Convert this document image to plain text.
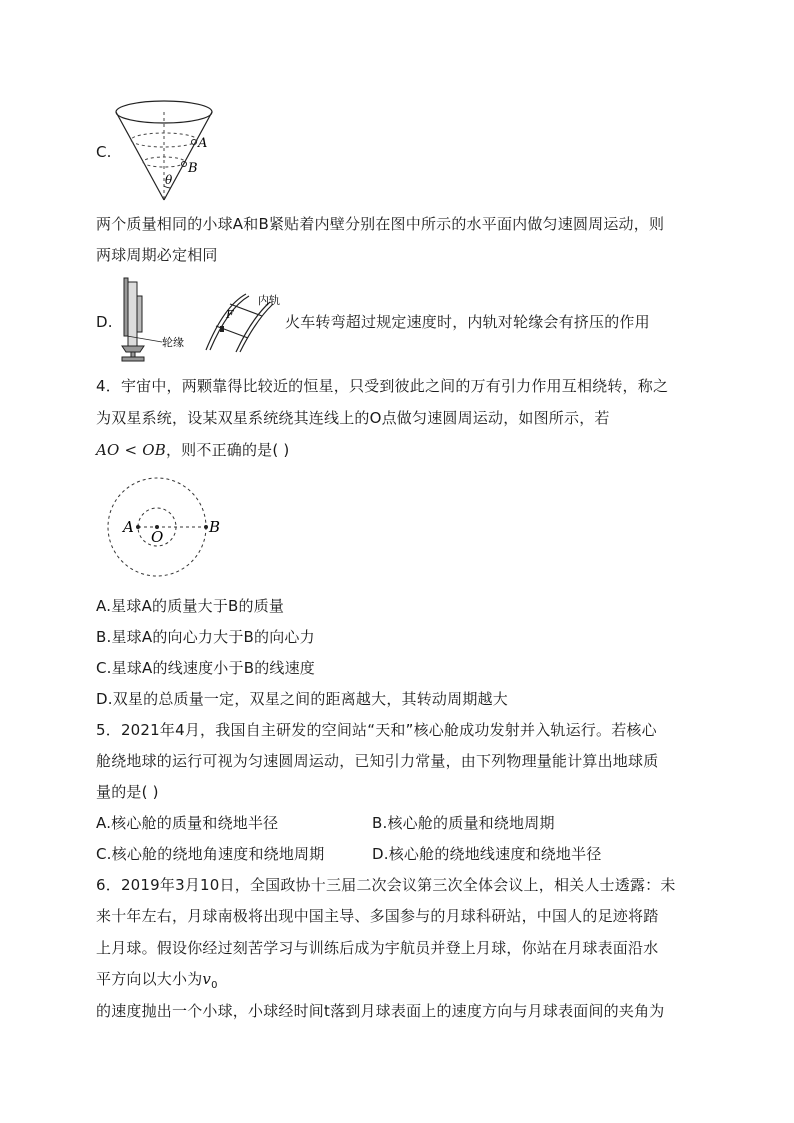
C.	A
B
θ
两个质量相同的小球A和B紧贴着内壁分别在图中所示的水平面内做匀速圆周运动，则
两球周期必定相同
D.
轮缘
F
内轨
火车转弯超过规定速度时，内轨对轮缘会有挤压的作用
4．宇宙中，两颗靠得比较近的恒星，只受到彼此之间的万有引力作用互相绕转，称之
为双星系统，设某双星系统绕其连线上的O点做匀速圆周运动，如图所示，若
AO < OB，则不正确的是( )
A
O
B
A.星球A的质量大于B的质量
B.星球A的向心力大于B的向心力
C.星球A的线速度小于B的线速度
D.双星的总质量一定，双星之间的距离越大，其转动周期越大
5．2021年4月，我国自主研发的空间站“天和”核心舱成功发射并入轨运行。若核心
舱绕地球的运行可视为匀速圆周运动，已知引力常量，由下列物理量能计算出地球质
量的是( )
A.核心舱的质量和绕地半径	B.核心舱的质量和绕地周期
C.核心舱的绕地角速度和绕地周期	D.核心舱的绕地线速度和绕地半径
6．2019年3月10日，全国政协十三届二次会议第三次全体会议上，相关人士透露：未
来十年左右，月球南极将出现中国主导、多国参与的月球科研站，中国人的足迹将踏
上月球。假设你经过刻苦学习与训练后成为宇航员并登上月球，你站在月球表面沿水
平方向以大小为$v_0$
的速度抛出一个小球，小球经时间t落到月球表面上的速度方向与月球表面间的夹角为
